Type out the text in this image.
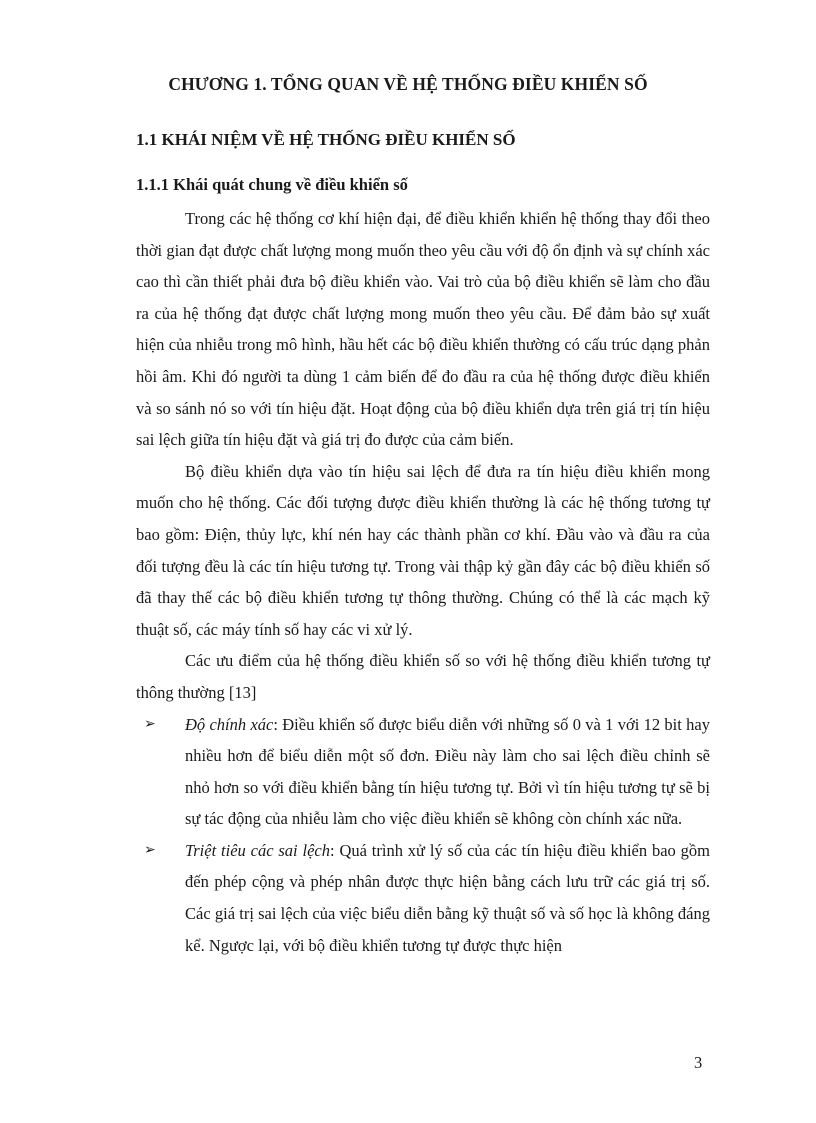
CHƯƠNG 1. TỔNG QUAN VỀ HỆ THỐNG ĐIỀU KHIỂN SỐ
1.1 KHÁI NIỆM VỀ HỆ THỐNG ĐIỀU KHIỂN SỐ
1.1.1 Khái quát chung về điều khiển số

Trong các hệ thống cơ khí hiện đại, để điều khiển khiển hệ thống thay đổi theo thời gian đạt được chất lượng mong muốn theo yêu cầu với độ ổn định và sự chính xác cao thì cần thiết phải đưa bộ điều khiển vào. Vai trò của bộ điều khiển sẽ làm cho đầu ra của hệ thống đạt được chất lượng mong muốn theo yêu cầu. Để đảm bảo sự xuất hiện của nhiễu trong mô hình, hầu hết các bộ điều khiển thường có cấu trúc dạng phản hồi âm. Khi đó người ta dùng 1 cảm biến để đo đầu ra của hệ thống được điều khiển và so sánh nó so với tín hiệu đặt. Hoạt động của bộ điều khiển dựa trên giá trị tín hiệu sai lệch giữa tín hiệu đặt và giá trị đo được của cảm biến.

Bộ điều khiển dựa vào tín hiệu sai lệch để đưa ra tín hiệu điều khiển mong muốn cho hệ thống. Các đối tượng được điều khiển thường là các hệ thống tương tự bao gồm: Điện, thủy lực, khí nén hay các thành phần cơ khí. Đầu vào và đầu ra của đối tượng đều là các tín hiệu tương tự. Trong vài thập kỷ gần đây các bộ điều khiển số đã thay thế các bộ điều khiển tương tự thông thường. Chúng có thể là các mạch kỹ thuật số, các máy tính số hay các vi xử lý.

Các ưu điểm của hệ thống điều khiển số so với hệ thống điều khiển tương tự thông thường [13]

➢ Độ chính xác: Điều khiển số được biểu diễn với những số 0 và 1 với 12 bit hay nhiều hơn để biểu diễn một số đơn. Điều này làm cho sai lệch điều chỉnh sẽ nhỏ hơn so với điều khiển bằng tín hiệu tương tự. Bởi vì tín hiệu tương tự sẽ bị sự tác động của nhiễu làm cho việc điều khiển sẽ không còn chính xác nữa.
➢ Triệt tiêu các sai lệch: Quá trình xử lý số của các tín hiệu điều khiển bao gồm đến phép cộng và phép nhân được thực hiện bằng cách lưu trữ các giá trị số. Các giá trị sai lệch của việc biểu diễn bằng kỹ thuật số và số học là không đáng kể. Ngược lại, với bộ điều khiển tương tự được thực hiện
3
